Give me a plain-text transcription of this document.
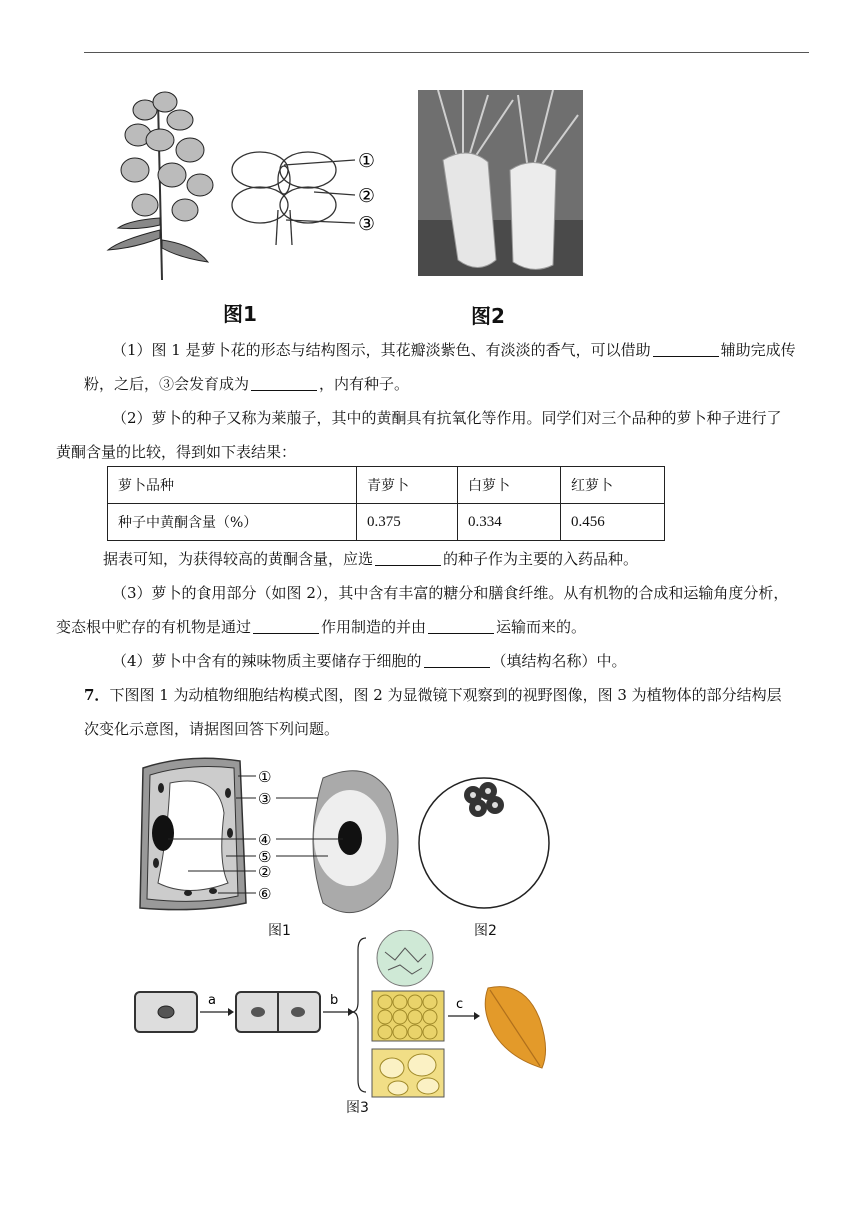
①
②
③
图1	图2
（1）图 1 是萝卜花的形态与结构图示，其花瓣淡紫色、有淡淡的香气，可以借助	辅助完成传粉，之后，③会发育成为	，内有种子。
（2）萝卜的种子又称为莱菔子，其中的黄酮具有抗氧化等作用。同学们对三个品种的萝卜种子进行了
黄酮含量的比较，得到如下表结果：
萝卜品种	青萝卜	白萝卜	红萝卜
种子中黄酮含量（%）	0.375	0.334	0.456
据表可知，为获得较高的黄酮含量，应选	的种子作为主要的入药品种。
（3）萝卜的食用部分（如图 2），其中含有丰富的糖分和膳食纤维。从有机物的合成和运输角度分析，
变态根中贮存的有机物是通过	作用制造的并由	运输而来的。
（4）萝卜中含有的辣味物质主要储存于细胞的	（填结构名称）中。
7．下图图 1 为动植物细胞结构模式图，图 2 为显微镜下观察到的视野图像，图 3 为植物体的部分结构层
次变化示意图，请据图回答下列问题。
①
③
④
⑤
②
⑥
图1	图2
a	b	c
图3
